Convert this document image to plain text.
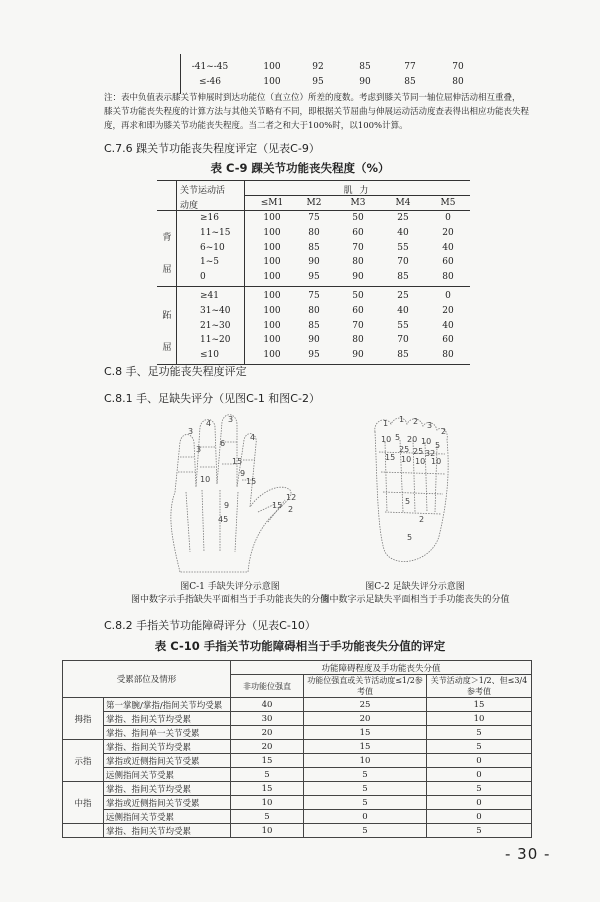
-41~-45	100	92	85	77	70
≤-46	100	95	90	85	80
注：表中负值表示膝关节伸展时到达功能位（直立位）所差的度数。考虑到膝关节同一轴位屈伸活动相互重叠，
膝关节功能丧失程度的计算方法与其他关节略有不同，即根据关节屈曲与伸展运动活动度查表得出相应功能丧失程
度，再求和即为膝关节功能丧失程度。当二者之和大于100%时，以100%计算。
C.7.6 踝关节功能丧失程度评定（见表C-9）
表 C-9 踝关节功能丧失程度（%）
关节运动活
动度
肌 力
≤M1	M2	M3	M4	M5
背
屈
≥16	100	75	50	25	0
11~15	100	80	60	40	20
6~10	100	85	70	55	40
1~5	100	90	80	70	60
0	100	95	90	85	80
跖
屈
≥41	100	75	50	25	0
31~40	100	80	60	40	20
21~30	100	85	70	55	40
11~20	100	90	80	70	60
≤10	100	95	90	85	80
C.8 手、足功能丧失程度评定
C.8.1 手、足缺失评分（见图C-1 和图C-2）
3
4 3
4
3
6
15
9
15
10
45
12
15
9	2
1 1 2 3
2
10 5 20 10 5
15 10 10 10
25 25 32
5
2
5
图C-1 手缺失评分示意图
图中数字示手指缺失平面相当于手功能丧失的分值
图C-2 足缺失评分示意图
图中数字示足缺失平面相当于手功能丧失的分值
C.8.2 手指关节功能障碍评分（见表C-10）
表 C-10 手指关节功能障碍相当于手功能丧失分值的评定
受累部位及情形		功能障碍程度及手功能丧失分值		
		非功能位强直	功能位强直或关节活动度≤1/2参考值	关节活动度＞1/2、但≤3/4参考值
拇指	第一掌腕/掌指/指间关节均受累	40	25	15
	掌指、指间关节均受累	30	20	10
	掌指、指间单一关节受累	20	15	5
示指	掌指、指间关节均受累	20	15	5
	掌指或近侧指间关节受累	15	10	0
	远侧指间关节受累	5	5	0
中指	掌指、指间关节均受累	15	5	5
	掌指或近侧指间关节受累	10	5	0
	远侧指间关节受累	5	0	0
	掌指、指间关节均受累	10	5	5
- 30 -
